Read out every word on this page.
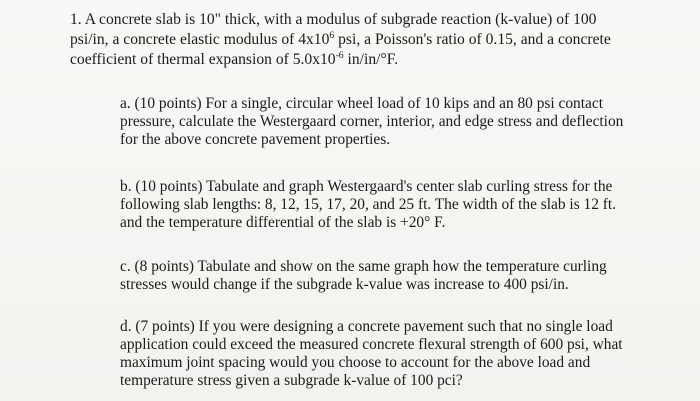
1. A concrete slab is 10" thick, with a modulus of subgrade reaction (k-value) of 100
psi/in, a concrete elastic modulus of $4x10^6$ psi, a Poisson's ratio of 0.15, and a concrete
coefficient of thermal expansion of $5.0x10^{-6}$ in/in/°F.
a. (10 points) For a single, circular wheel load of 10 kips and an 80 psi contact
pressure, calculate the Westergaard corner, interior, and edge stress and deflection
for the above concrete pavement properties.
b. (10 points) Tabulate and graph Westergaard's center slab curling stress for the
following slab lengths: 8, 12, 15, 17, 20, and 25 ft. The width of the slab is 12 ft.
and the temperature differential of the slab is +20° F.
c. (8 points) Tabulate and show on the same graph how the temperature curling
stresses would change if the subgrade k-value was increase to 400 psi/in.
d. (7 points) If you were designing a concrete pavement such that no single load
application could exceed the measured concrete flexural strength of 600 psi, what
maximum joint spacing would you choose to account for the above load and
temperature stress given a subgrade k-value of 100 pci?
